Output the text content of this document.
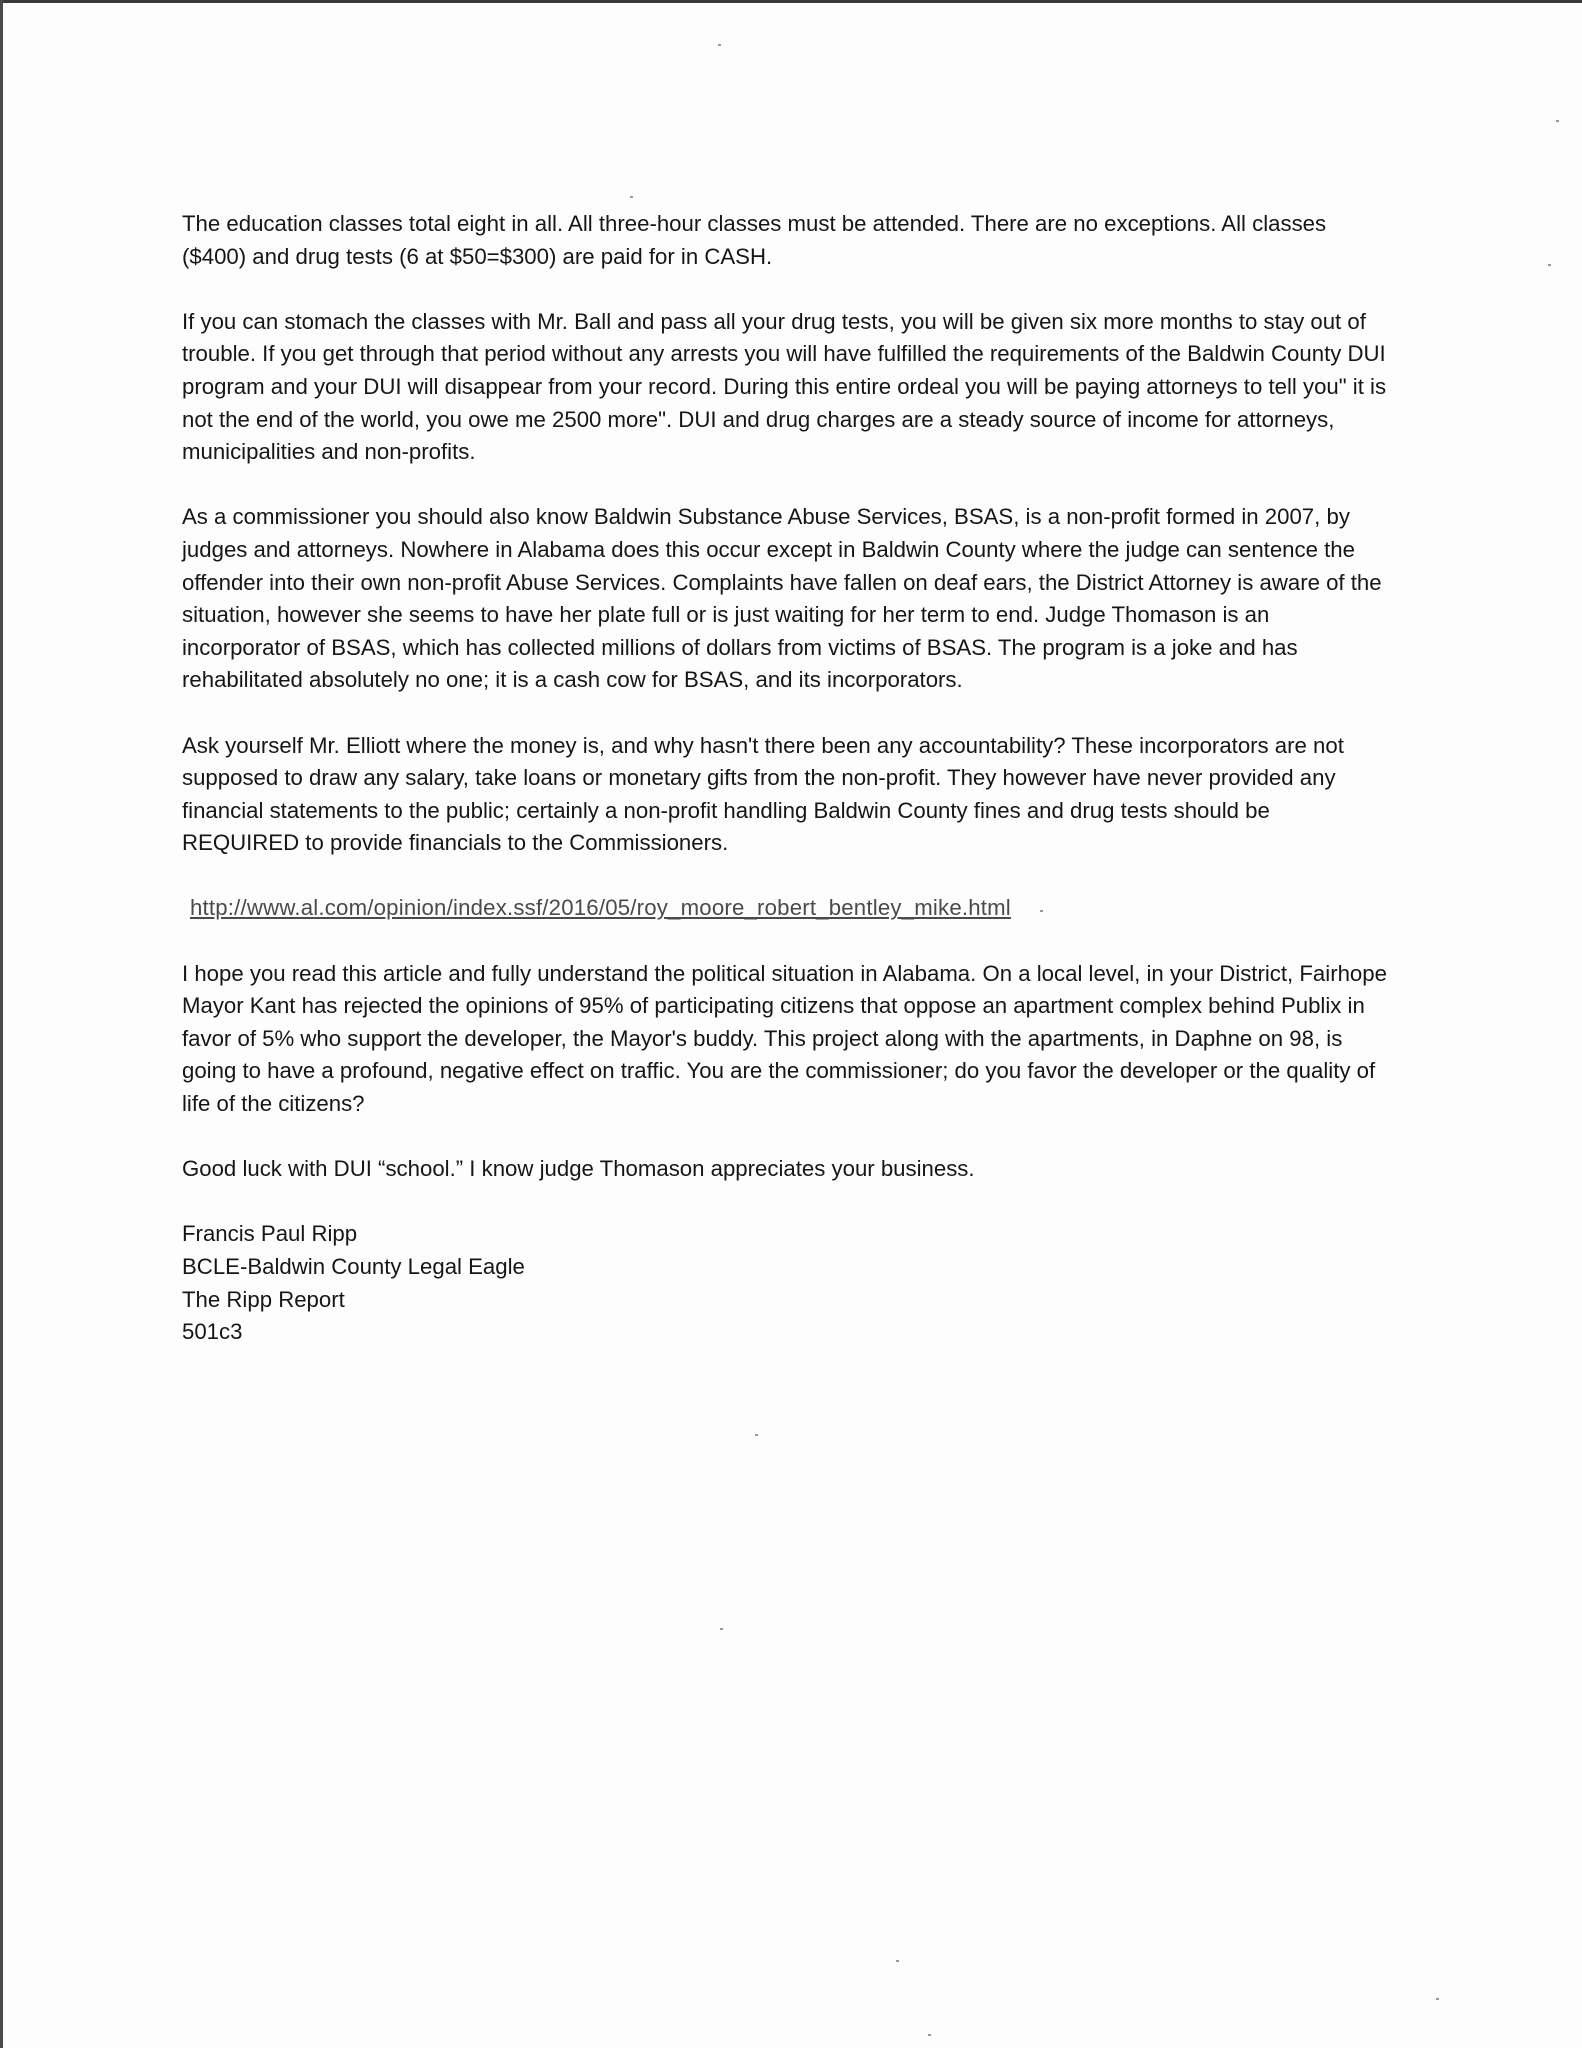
The education classes total eight in all. All three-hour classes must be attended. There are no exceptions. All classes ($400) and drug tests (6 at $50=$300) are paid for in CASH.

If you can stomach the classes with Mr. Ball and pass all your drug tests, you will be given six more months to stay out of trouble. If you get through that period without any arrests you will have fulfilled the requirements of the Baldwin County DUI program and your DUI will disappear from your record. During this entire ordeal you will be paying attorneys to tell you" it is not the end of the world, you owe me 2500 more". DUI and drug charges are a steady source of income for attorneys, municipalities and non-profits.

As a commissioner you should also know Baldwin Substance Abuse Services, BSAS, is a non-profit formed in 2007, by judges and attorneys. Nowhere in Alabama does this occur except in Baldwin County where the judge can sentence the offender into their own non-profit Abuse Services. Complaints have fallen on deaf ears, the District Attorney is aware of the situation, however she seems to have her plate full or is just waiting for her term to end. Judge Thomason is an incorporator of BSAS, which has collected millions of dollars from victims of BSAS. The program is a joke and has rehabilitated absolutely no one; it is a cash cow for BSAS, and its incorporators.

Ask yourself Mr. Elliott where the money is, and why hasn't there been any accountability? These incorporators are not supposed to draw any salary, take loans or monetary gifts from the non-profit. They however have never provided any financial statements to the public; certainly a non-profit handling Baldwin County fines and drug tests should be REQUIRED to provide financials to the Commissioners.

http://www.al.com/opinion/index.ssf/2016/05/roy_moore_robert_bentley_mike.html

I hope you read this article and fully understand the political situation in Alabama. On a local level, in your District, Fairhope Mayor Kant has rejected the opinions of 95% of participating citizens that oppose an apartment complex behind Publix in favor of 5% who support the developer, the Mayor's buddy. This project along with the apartments, in Daphne on 98, is going to have a profound, negative effect on traffic. You are the commissioner; do you favor the developer or the quality of life of the citizens?

Good luck with DUI “school.” I know judge Thomason appreciates your business.

Francis Paul Ripp

BCLE-Baldwin County Legal Eagle

The Ripp Report

501c3
